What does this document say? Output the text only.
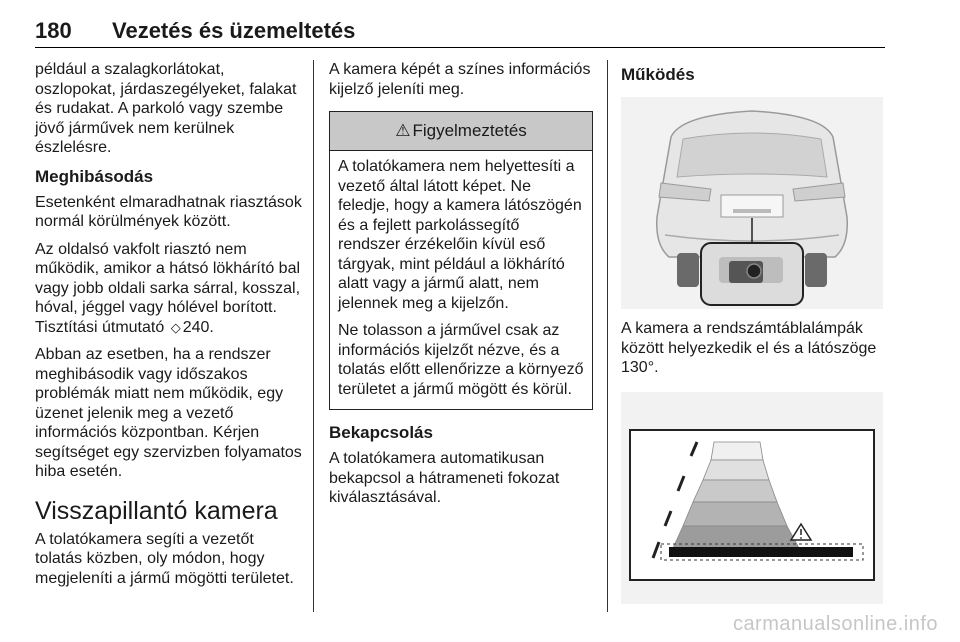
180 Vezetés és üzemeltetés

például a szalagkorlátokat, oszlopokat, járdaszegélyeket, falakat és rudakat. A parkoló vagy szembe jövő járművek nem kerülnek észlelésre.

Meghibásodás

Esetenként elmaradhatnak riasztások normál körülmények között.

Az oldalsó vakfolt riasztó nem működik, amikor a hátsó lökhárító bal vagy jobb oldali sarka sárral, kosszal, hóval, jéggel vagy hólével borított. Tisztítási útmutató ◇ 240.

Abban az esetben, ha a rendszer meghibásodik vagy időszakos problémák miatt nem működik, egy üzenet jelenik meg a vezető információs központban. Kérjen segítséget egy szervizben folyamatos hiba esetén.

Visszapillantó kamera

A tolatókamera segíti a vezetőt tolatás közben, oly módon, hogy megjeleníti a jármű mögötti területet.

A kamera képét a színes információs kijelző jeleníti meg.

⚠ Figyelmeztetés

A tolatókamera nem helyettesíti a vezető által látott képet. Ne feledje, hogy a kamera látószögén és a fejlett parkolássegítő rendszer érzékelőin kívül eső tárgyak, mint például a lökhárító alatt vagy a jármű alatt, nem jelennek meg a kijelzőn.

Ne tolasson a járművel csak az információs kijelzőt nézve, és a tolatás előtt ellenőrizze a környező területet a jármű mögött és körül.

Bekapcsolás

A tolatókamera automatikusan bekapcsol a hátrameneti fokozat kiválasztásával.

Működés

A kamera a rendszámtáblalámpák között helyezkedik el és a látószöge 130°.

carmanualsonline.info
